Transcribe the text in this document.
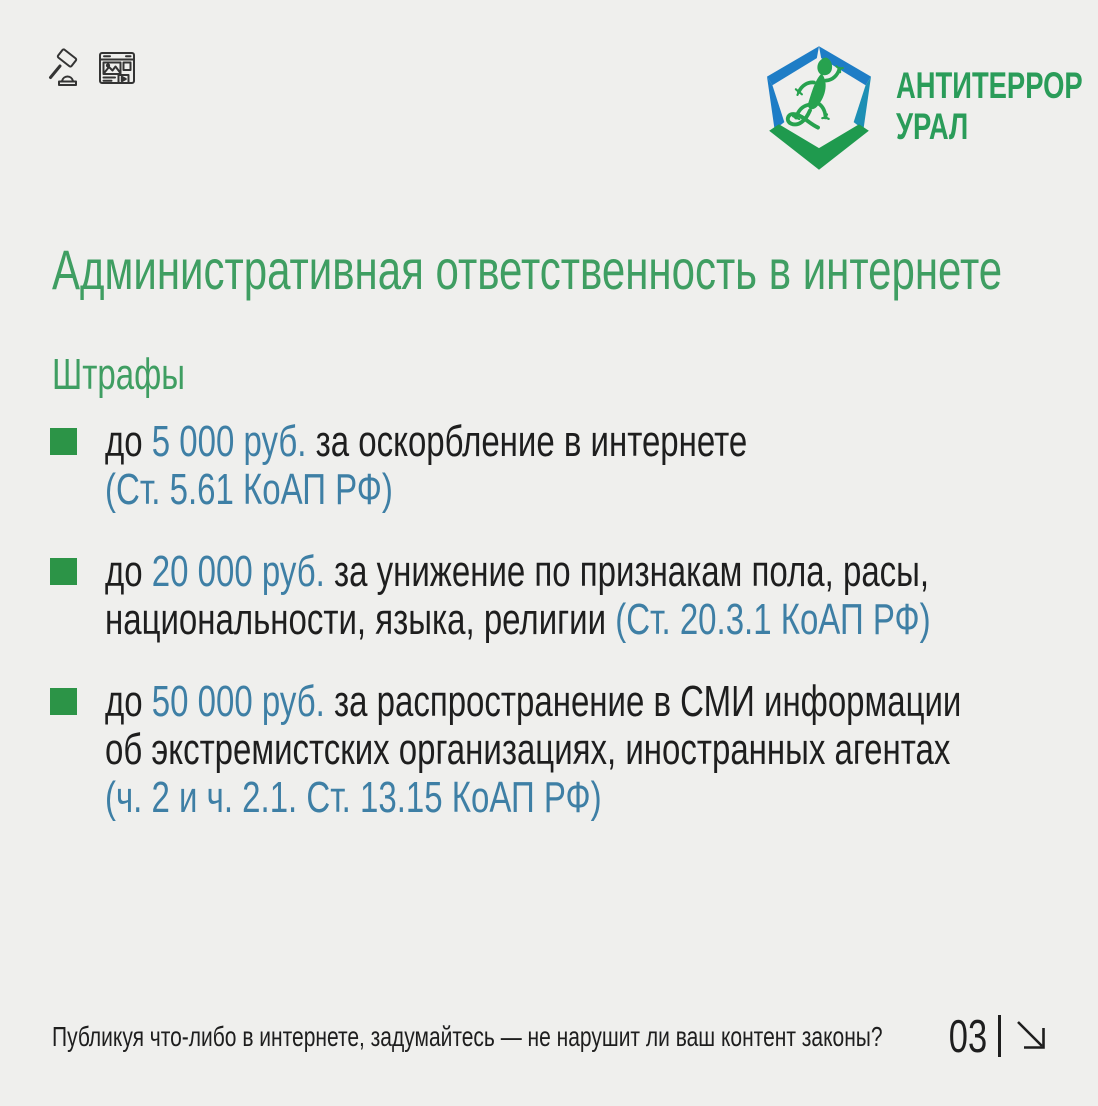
АНТИТЕРРОР
УРАЛ
Административная ответственность в интернете
Штрафы
до 5 000 руб. за оскорбление в интернете
(Ст. 5.61 КоАП РФ)
до 20 000 руб. за унижение по признакам пола, расы,
национальности, языка, религии (Ст. 20.3.1 КоАП РФ)
до 50 000 руб. за распространение в СМИ информации
об экстремистских организациях, иностранных агентах
(ч. 2 и ч. 2.1. Ст. 13.15 КоАП РФ)
Публикуя что-либо в интернете, задумайтесь — не нарушит ли ваш контент законы? 03
